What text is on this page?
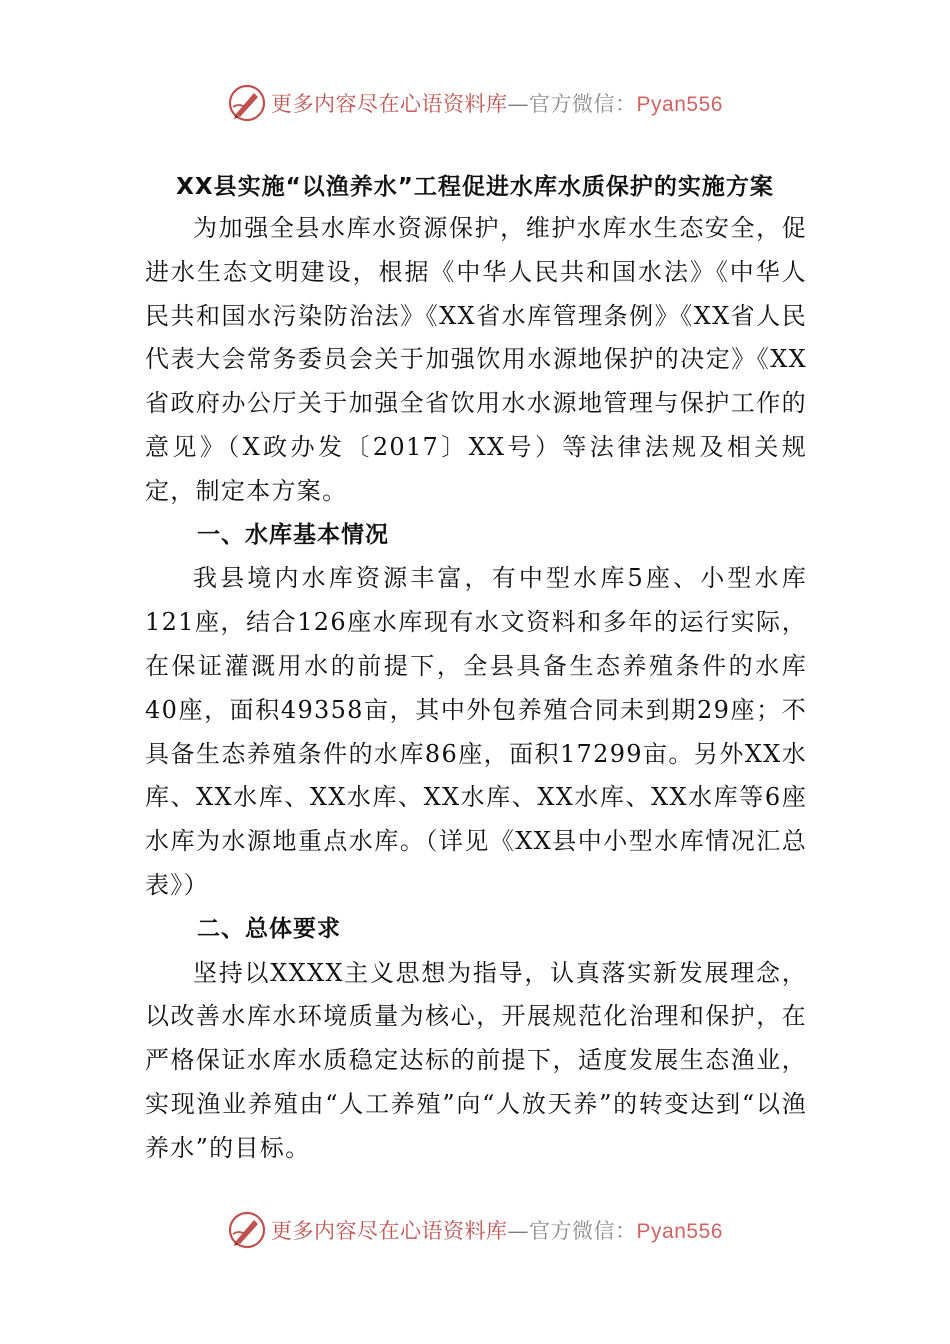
更多内容尽在心语资料库—官方微信：Pyan556
XX县实施“以渔养水”工程促进水库水质保护的实施方案

为加强全县水库水资源保护，维护水库水生态安全，促进水生态文明建设，根据《中华人民共和国水法》《中华人民共和国水污染防治法》《XX省水库管理条例》《XX省人民代表大会常务委员会关于加强饮用水源地保护的决定》《XX省政府办公厅关于加强全省饮用水水源地管理与保护工作的意见》（X政办发〔2017〕XX号）等法律法规及相关规定，制定本方案。

一、水库基本情况

我县境内水库资源丰富，有中型水库5座、小型水库121座，结合126座水库现有水文资料和多年的运行实际，在保证灌溉用水的前提下，全县具备生态养殖条件的水库40座，面积49358亩，其中外包养殖合同未到期29座；不具备生态养殖条件的水库86座，面积17299亩。另外XX水库、XX水库、XX水库、XX水库、XX水库、XX水库等6座水库为水源地重点水库。（详见《XX县中小型水库情况汇总表》）

二、总体要求

坚持以XXXX主义思想为指导，认真落实新发展理念，以改善水库水环境质量为核心，开展规范化治理和保护，在严格保证水库水质稳定达标的前提下，适度发展生态渔业，实现渔业养殖由“人工养殖”向“人放天养”的转变达到“以渔养水”的目标。

更多内容尽在心语资料库—官方微信：Pyan556
